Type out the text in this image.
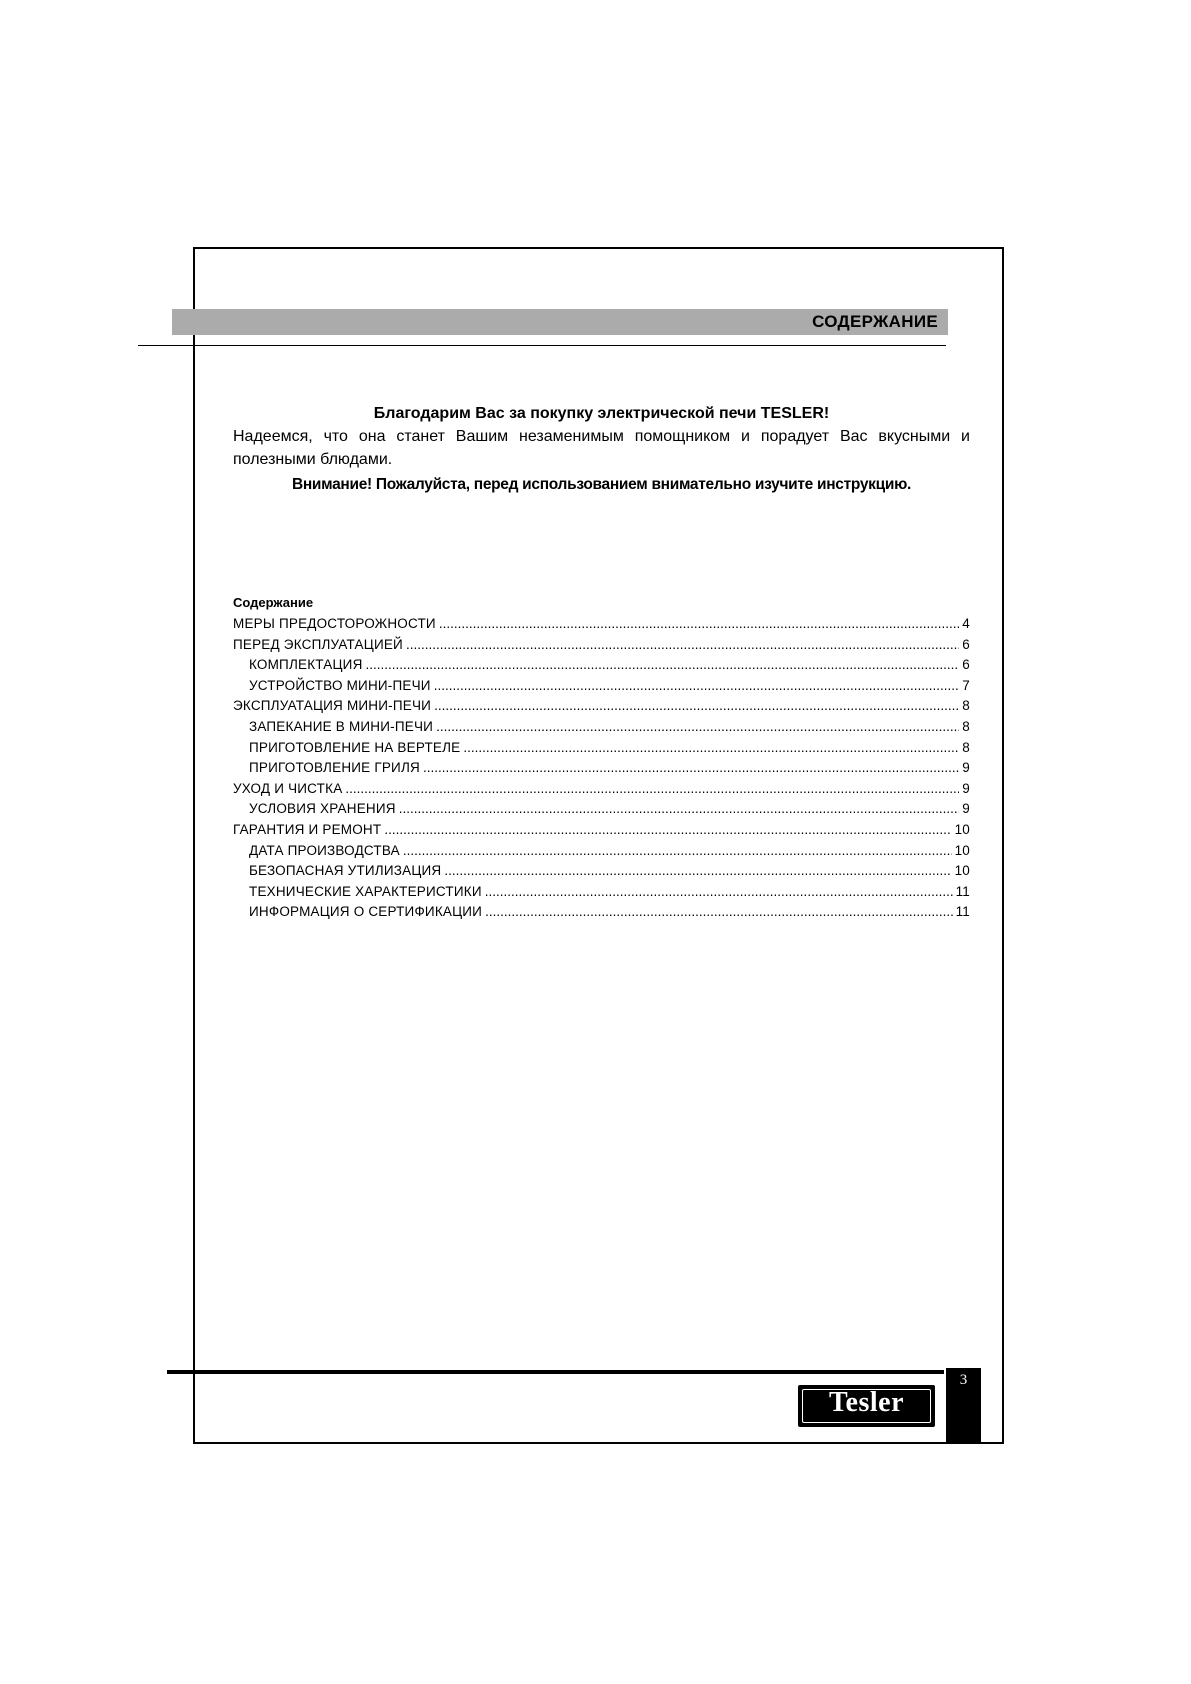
СОДЕРЖАНИЕ
Благодарим Вас за покупку электрической печи TESLER!

Надеемся, что она станет Вашим незаменимым помощником и порадует Вас вкусными и полезными блюдами.

Внимание! Пожалуйста, перед использованием внимательно изучите инструкцию.
Содержание
МЕРЫ ПРЕДОСТОРОЖНОСТИ .....	4
ПЕРЕД ЭКСПЛУАТАЦИЕЙ .....	6
КОМПЛЕКТАЦИЯ .....	6
УСТРОЙСТВО МИНИ-ПЕЧИ .....	7
ЭКСПЛУАТАЦИЯ МИНИ-ПЕЧИ .....	8
ЗАПЕКАНИЕ В МИНИ-ПЕЧИ .....	8
ПРИГОТОВЛЕНИЕ НА ВЕРТЕЛЕ .....	8
ПРИГОТОВЛЕНИЕ ГРИЛЯ .....	9
УХОД И ЧИСТКА .....	9
УСЛОВИЯ ХРАНЕНИЯ .....	9
ГАРАНТИЯ И РЕМОНТ .....	10
ДАТА ПРОИЗВОДСТВА .....	10
БЕЗОПАСНАЯ УТИЛИЗАЦИЯ .....	10
ТЕХНИЧЕСКИЕ ХАРАКТЕРИСТИКИ .....	11
ИНФОРМАЦИЯ О СЕРТИФИКАЦИИ .....	11
Tesler
3
